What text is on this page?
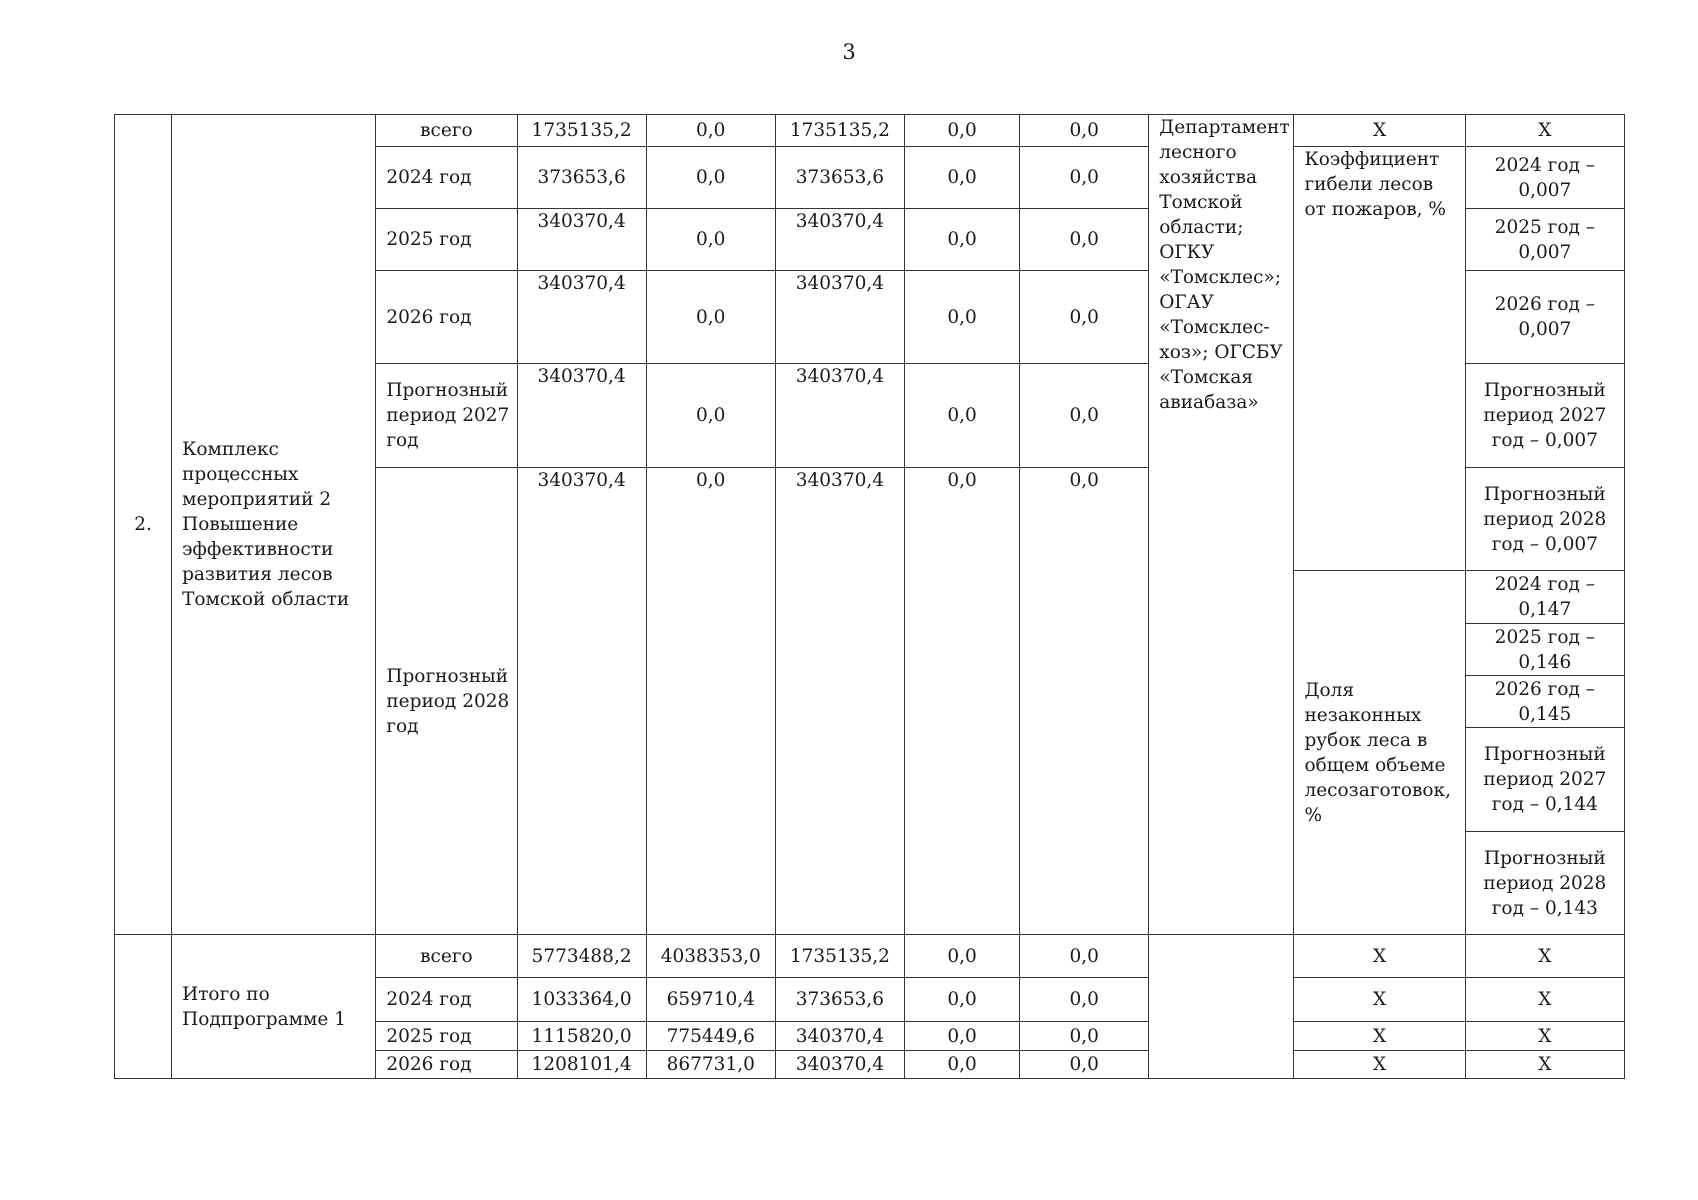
3
2.	Комплекс процессных мероприятий 2 Повышение эффективности развития лесов Томской области	всего	1735135,2	0,0	1735135,2	0,0	0,0	Департамент лесного хозяйства Томской области; ОГКУ «Томсклес»; ОГАУ «Томсклес-хоз»; ОГСБУ «Томская авиабаза»	Х	Х
		2024 год	373653,6	0,0	373653,6	0,0	0,0		Коэффициент гибели лесов от пожаров, %	2024 год – 0,007
		2025 год	340370,4	0,0	340370,4	0,0	0,0			2025 год – 0,007
		2026 год	340370,4	0,0	340370,4	0,0	0,0			2026 год – 0,007
		Прогнозный период 2027 год	340370,4	0,0	340370,4	0,0	0,0			Прогнозный период 2027 год – 0,007
		Прогнозный период 2028 год	340370,4	0,0	340370,4	0,0	0,0			Прогнозный период 2028 год – 0,007
									Доля незаконных рубок леса в общем объеме лесозаготовок, %	2024 год – 0,147
										2025 год – 0,146
										2026 год – 0,145
										Прогнозный период 2027 год – 0,144
										Прогнозный период 2028 год – 0,143

	Итого по Подпрограмме 1	всего	5773488,2	4038353,0	1735135,2	0,0	0,0		Х	Х
		2024 год	1033364,0	659710,4	373653,6	0,0	0,0		Х	Х
		2025 год	1115820,0	775449,6	340370,4	0,0	0,0		Х	Х
		2026 год	1208101,4	867731,0	340370,4	0,0	0,0		Х	Х
